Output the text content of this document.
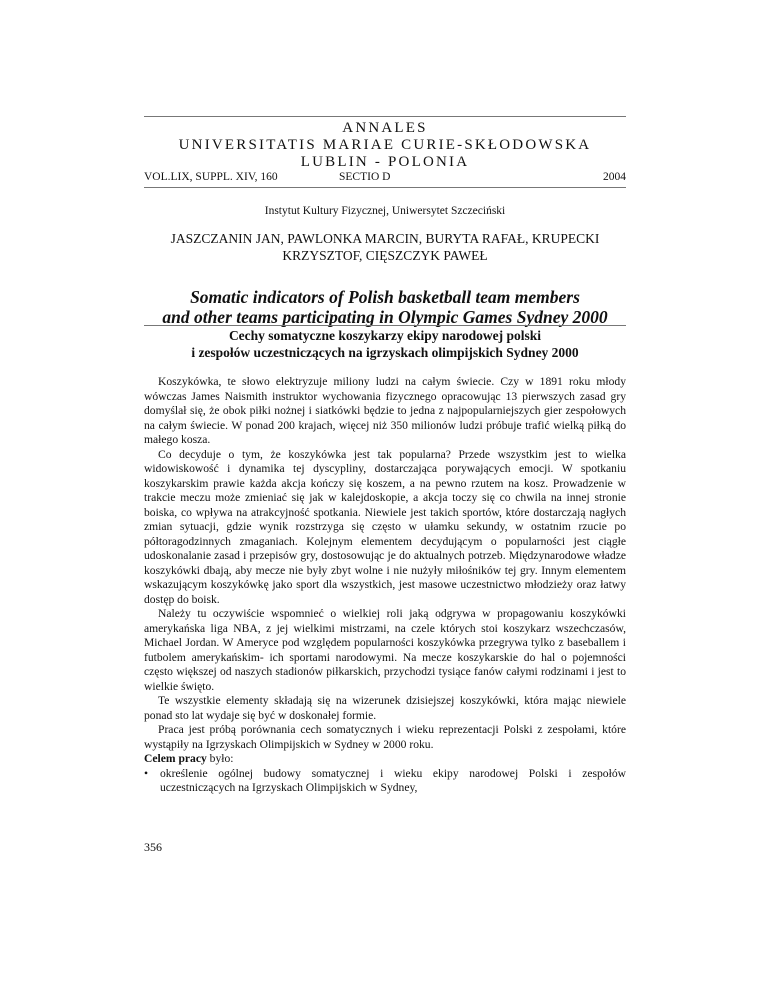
ANNALES
UNIVERSITATIS MARIAE CURIE-SKŁODOWSKA
LUBLIN - POLONIA
VOL.LIX, SUPPL. XIV, 160	SECTIO D	2004
Instytut Kultury Fizycznej, Uniwersytet Szczeciński
JASZCZANIN JAN, PAWLONKA MARCIN, BURYTA RAFAŁ, KRUPECKI
KRZYSZTOF, CIĘSZCZYK PAWEŁ
Somatic indicators of Polish basketball team members
and other teams participating in Olympic Games Sydney 2000
Cechy somatyczne koszykarzy ekipy narodowej polski
i zespołów uczestniczących na igrzyskach olimpijskich Sydney 2000

Koszykówka, te słowo elektryzuje miliony ludzi na całym świecie. Czy w 1891 roku młody wówczas James Naismith instruktor wychowania fizycznego opracowując 13 pierwszych zasad gry domyślał się, że obok piłki nożnej i siatkówki będzie to jedna z najpopularniejszych gier zespołowych na całym świecie. W ponad 200 krajach, więcej niż 350 milionów ludzi próbuje trafić wielką piłką do małego kosza.

Co decyduje o tym, że koszykówka jest tak popularna? Przede wszystkim jest to wielka widowiskowość i dynamika tej dyscypliny, dostarczająca porywających emocji. W spotkaniu koszykarskim prawie każda akcja kończy się koszem, a na pewno rzutem na kosz. Prowadzenie w trakcie meczu może zmieniać się jak w kalejdoskopie, a akcja toczy się co chwila na innej stronie boiska, co wpływa na atrakcyjność spotkania. Niewiele jest takich sportów, które dostarczają nagłych zmian sytuacji, gdzie wynik rozstrzyga się często w ułamku sekundy, w ostatnim rzucie po półtoragodzinnych zmaganiach. Kolejnym elementem decydującym o popularności jest ciągłe udoskonalanie zasad i przepisów gry, dostosowując je do aktualnych potrzeb. Międzynarodowe władze koszykówki dbają, aby mecze nie były zbyt wolne i nie nużyły miłośników tej gry. Innym elementem wskazującym koszykówkę jako sport dla wszystkich, jest masowe uczestnictwo młodzieży oraz łatwy dostęp do boisk.

Należy tu oczywiście wspomnieć o wielkiej roli jaką odgrywa w propagowaniu koszykówki amerykańska liga NBA, z jej wielkimi mistrzami, na czele których stoi koszykarz wszechczasów, Michael Jordan. W Ameryce pod względem popularności koszykówka przegrywa tylko z baseballem i futbolem amerykańskim- ich sportami narodowymi. Na mecze koszykarskie do hal o pojemności często większej od naszych stadionów piłkarskich, przychodzi tysiące fanów całymi rodzinami i jest to wielkie święto.

Te wszystkie elementy składają się na wizerunek dzisiejszej koszykówki, która mając niewiele ponad sto lat wydaje się być w doskonałej formie.

Praca jest próbą porównania cech somatycznych i wieku reprezentacji Polski z zespołami, które wystąpiły na Igrzyskach Olimpijskich w Sydney w 2000 roku.

Celem pracy było:

•	określenie ogólnej budowy somatycznej i wieku ekipy narodowej Polski i zespołów uczestniczących na Igrzyskach Olimpijskich w Sydney,
356
